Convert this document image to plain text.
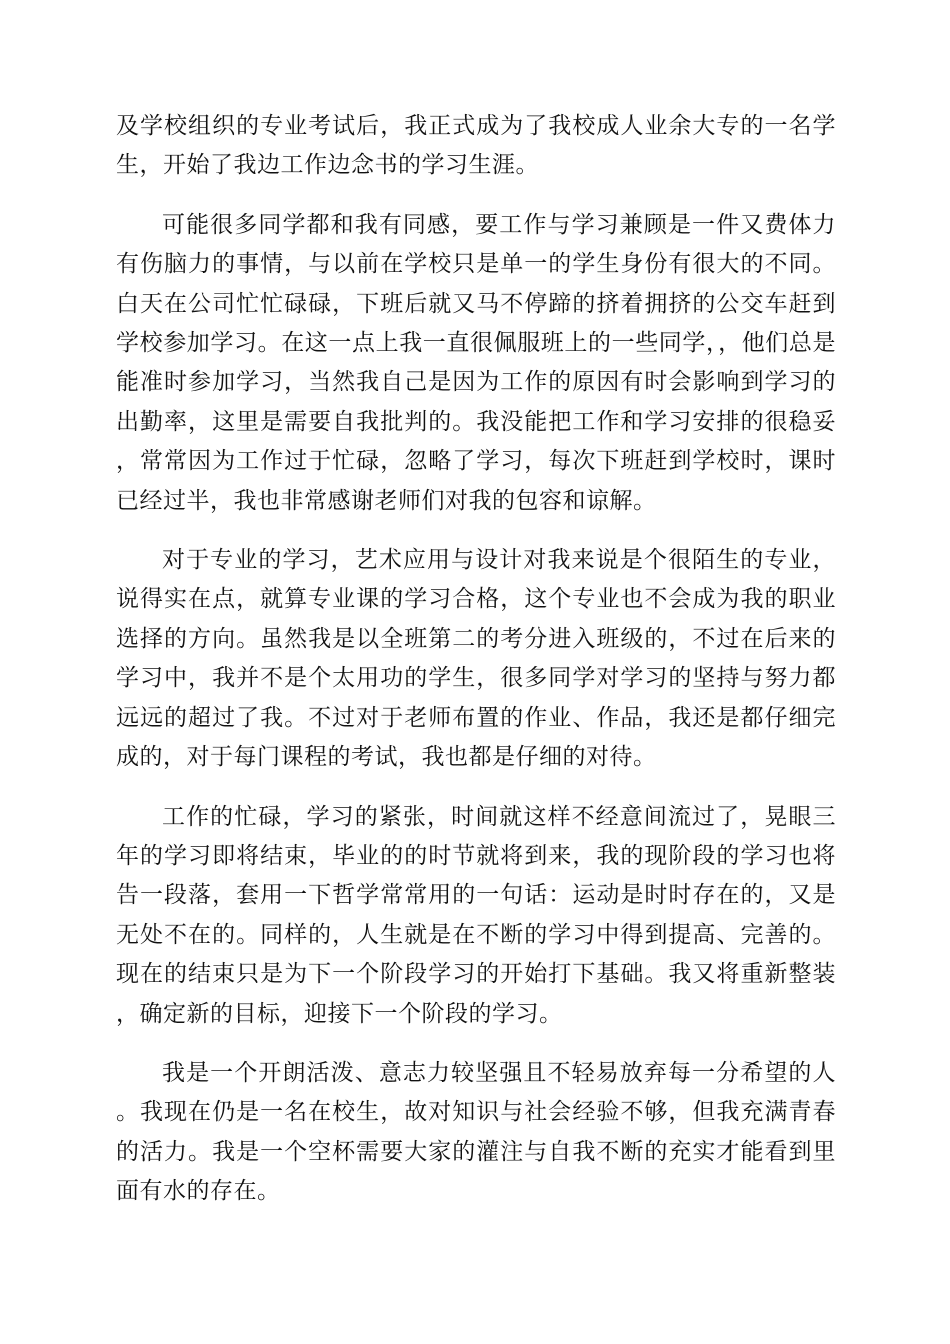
及学校组织的专业考试后，我正式成为了我校成人业余大专的一名学生，开始了我边工作边念书的学习生涯。

可能很多同学都和我有同感，要工作与学习兼顾是一件又费体力有伤脑力的事情，与以前在学校只是单一的学生身份有很大的不同。白天在公司忙忙碌碌，下班后就又马不停蹄的挤着拥挤的公交车赶到学校参加学习。在这一点上我一直很佩服班上的一些同学，，他们总是能准时参加学习，当然我自己是因为工作的原因有时会影响到学习的出勤率，这里是需要自我批判的。我没能把工作和学习安排的很稳妥，常常因为工作过于忙碌，忽略了学习，每次下班赶到学校时，课时已经过半，我也非常感谢老师们对我的包容和谅解。

对于专业的学习，艺术应用与设计对我来说是个很陌生的专业，说得实在点，就算专业课的学习合格，这个专业也不会成为我的职业选择的方向。虽然我是以全班第二的考分进入班级的，不过在后来的学习中，我并不是个太用功的学生，很多同学对学习的坚持与努力都远远的超过了我。不过对于老师布置的作业、作品，我还是都仔细完成的，对于每门课程的考试，我也都是仔细的对待。

工作的忙碌，学习的紧张，时间就这样不经意间流过了，晃眼三年的学习即将结束，毕业的的时节就将到来，我的现阶段的学习也将告一段落，套用一下哲学常常用的一句话：运动是时时存在的，又是无处不在的。同样的，人生就是在不断的学习中得到提高、完善的。现在的结束只是为下一个阶段学习的开始打下基础。我又将重新整装，确定新的目标，迎接下一个阶段的学习。

我是一个开朗活泼、意志力较坚强且不轻易放弃每一分希望的人。我现在仍是一名在校生，故对知识与社会经验不够，但我充满青春的活力。我是一个空杯需要大家的灌注与自我不断的充实才能看到里面有水的存在。
